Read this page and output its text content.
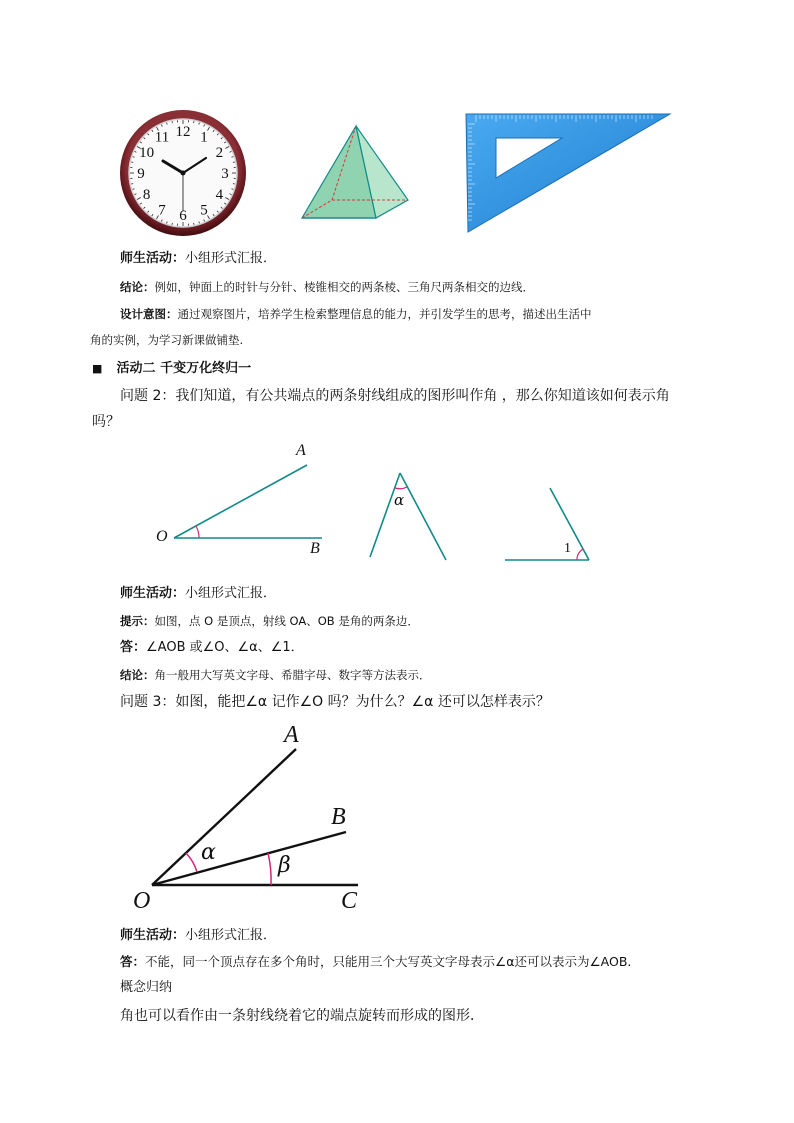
12 1
2
3
4
5
6
7
8
9
10
11
师生活动：小组形式汇报．
结论：例如，钟面上的时针与分针、棱锥相交的两条棱、三角尺两条相交的边线．
设计意图：通过观察图片，培养学生检索整理信息的能力，并引发学生的思考，描述出生活中
角的实例，为学习新课做铺垫.
■ 活动二 千变万化终归一
问题 2：我们知道，有公共端点的两条射线组成的图形叫作角 ，那么你知道该如何表示角
吗？
A
O
B
α
1
师生活动：小组形式汇报．
提示：如图，点 O 是顶点，射线 OA、OB 是角的两条边．
答：∠AOB 或∠O、∠α、∠1．
结论：角一般用大写英文字母、希腊字母、数字等方法表示．
问题 3：如图，能把∠α 记作∠O 吗？为什么？∠α 还可以怎样表示？
A
B
C
O
α
β
师生活动：小组形式汇报．
答：不能，同一个顶点存在多个角时，只能用三个大写英文字母表示∠α还可以表示为∠AOB.
概念归纳
角也可以看作由一条射线绕着它的端点旋转而形成的图形．
